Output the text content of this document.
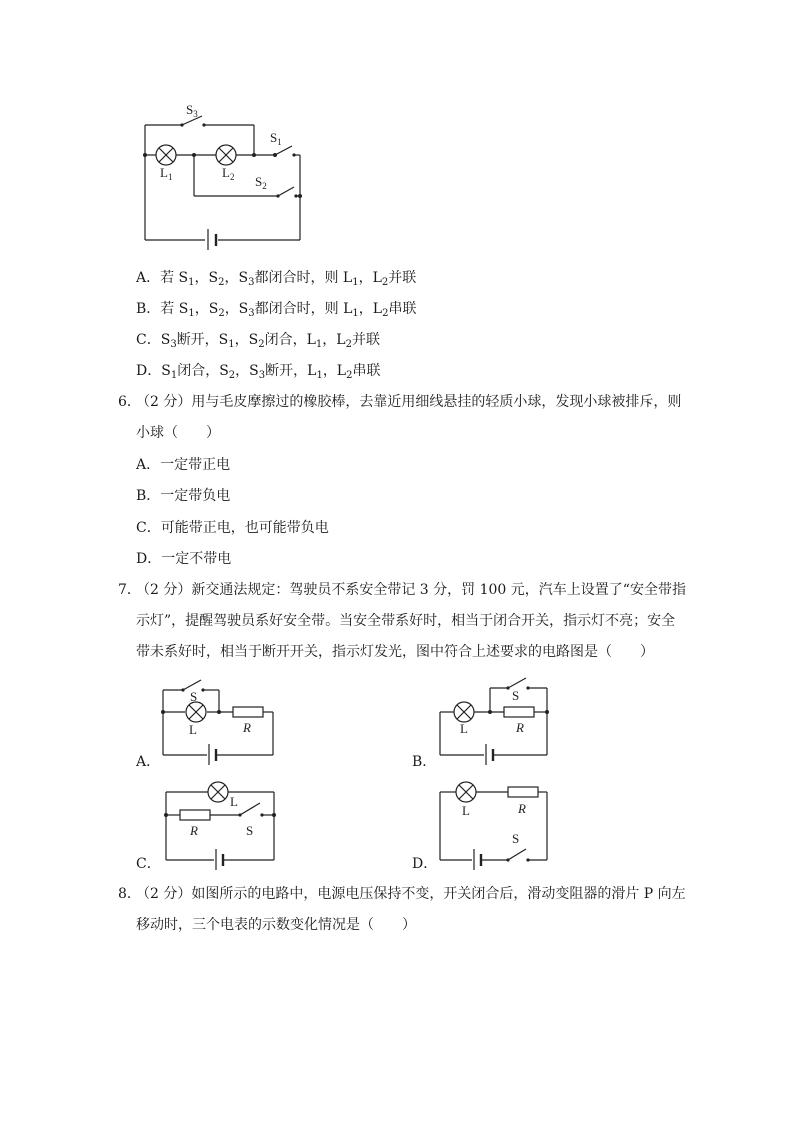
$S_3$
$S_1$
$S_2$
$L_1$	$L_2$
A．若 $S_1$，$S_2$，$S_3$都闭合时，则 $L_1$，$L_2$并联
B．若 $S_1$，$S_2$，$S_3$都闭合时，则 $L_1$，$L_2$串联
C．$S_3$断开，$S_1$，$S_2$闭合，$L_1$，$L_2$并联
D．$S_1$闭合，$S_2$，$S_3$断开，$L_1$，$L_2$串联
6．
（2 分）用与毛皮摩擦过的橡胶棒，去靠近用细线悬挂的轻质小球，发现小球被排斥，则
小球（　　）
A．一定带正电
B．一定带负电
C．可能带正电，也可能带负电
D．一定不带电
7．
（2 分）新交通法规定：驾驶员不系安全带记 3 分，罚 100 元，汽车上设置了“安全带指
示灯”，提醒驾驶员系好安全带。当安全带系好时，相当于闭合开关，指示灯不亮；安全
带未系好时，相当于断开开关，指示灯发光，图中符合上述要求的电路图是（　　）
A．
S
L	R
B．
S
L	R
C．
L
R	S
D．
L	R
S
8．
（2 分）如图所示的电路中，电源电压保持不变，开关闭合后，滑动变阻器的滑片 P 向左
移动时，三个电表的示数变化情况是（　　）
